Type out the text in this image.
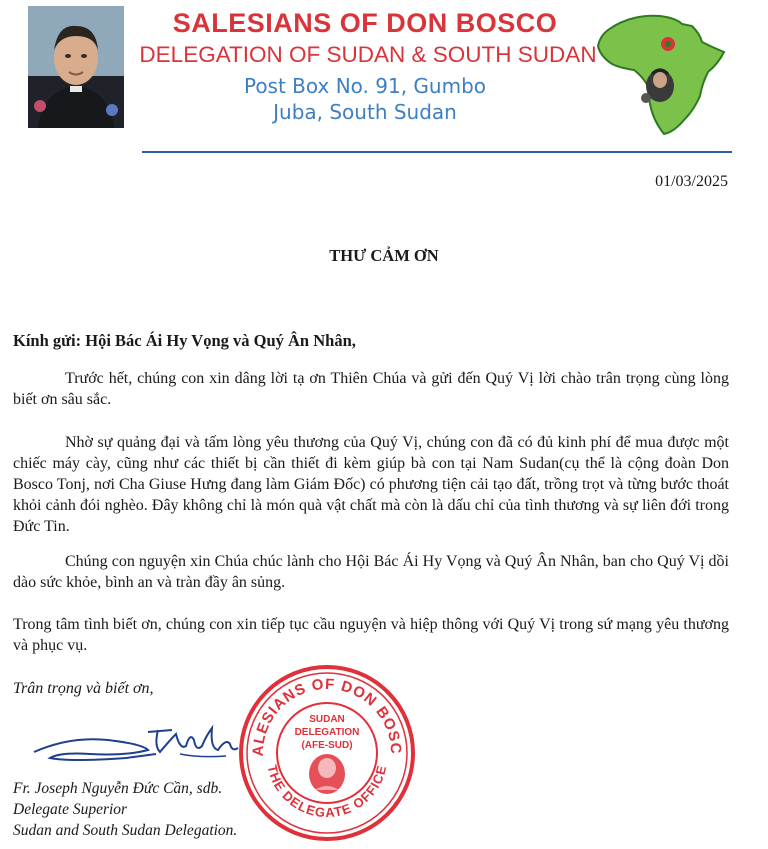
SALESIANS OF DON BOSCO
DELEGATION OF SUDAN & SOUTH SUDAN
Post Box No. 91, Gumbo
Juba, South Sudan
01/03/2025
THƯ CẢM ƠN
Kính gửi: Hội Bác Ái Hy Vọng và Quý Ân Nhân,
Trước hết, chúng con xin dâng lời tạ ơn Thiên Chúa và gửi đến Quý Vị lời chào trân trọng cùng lòng biết ơn sâu sắc.
Nhờ sự quảng đại và tấm lòng yêu thương của Quý Vị, chúng con đã có đủ kinh phí để mua được một chiếc máy cày, cũng như các thiết bị cần thiết đi kèm giúp bà con tại Nam Sudan(cụ thể là cộng đoàn Don Bosco Tonj, nơi Cha Giuse Hưng đang làm Giám Đốc) có phương tiện cải tạo đất, trồng trọt và từng bước thoát khỏi cảnh đói nghèo. Đây không chỉ là món quà vật chất mà còn là dấu chỉ của tình thương và sự liên đới trong Đức Tin.
Chúng con nguyện xin Chúa chúc lành cho Hội Bác Ái Hy Vọng và Quý Ân Nhân, ban cho Quý Vị dồi dào sức khỏe, bình an và tràn đầy ân sủng.
Trong tâm tình biết ơn, chúng con xin tiếp tục cầu nguyện và hiệp thông với Quý Vị trong sứ mạng yêu thương và phục vụ.
Trân trọng và biết ơn,
Fr. Joseph Nguyễn Đức Cần, sdb.
Delegate Superior
Sudan and South Sudan Delegation.
ALESIANS OF DON BOSC
THE DELEGATE OFFICE
SUDAN
DELEGATION
(AFE-SUD)
